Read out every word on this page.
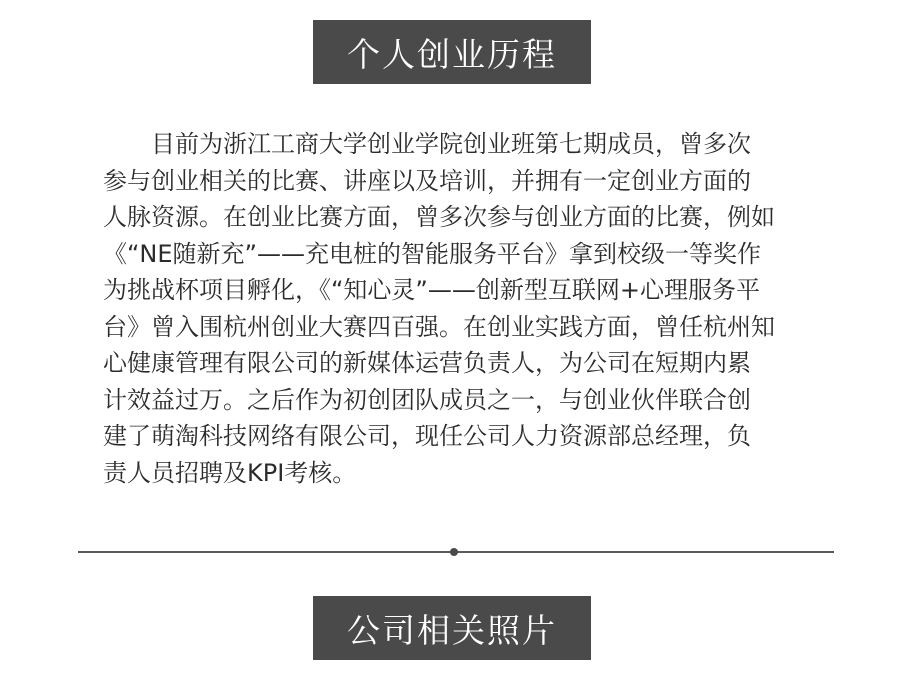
个人创业历程
　　目前为浙江工商大学创业学院创业班第七期成员，曾多次
参与创业相关的比赛、讲座以及培训，并拥有一定创业方面的
人脉资源。在创业比赛方面，曾多次参与创业方面的比赛，例如
《“NE随新充”——充电桩的智能服务平台》拿到校级一等奖作
为挑战杯项目孵化，《“知心灵”——创新型互联网+心理服务平
台》曾入围杭州创业大赛四百强。在创业实践方面，曾任杭州知
心健康管理有限公司的新媒体运营负责人，为公司在短期内累
计效益过万。之后作为初创团队成员之一，与创业伙伴联合创
建了萌淘科技网络有限公司，现任公司人力资源部总经理，负
责人员招聘及KPI考核。
公司相关照片
